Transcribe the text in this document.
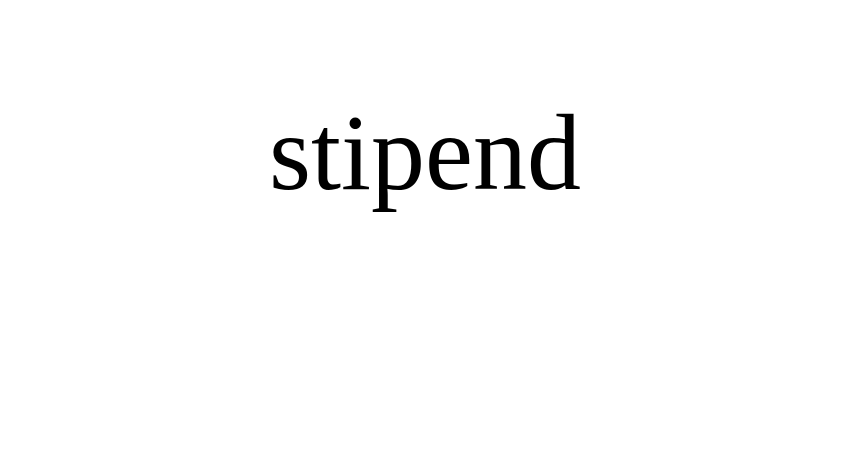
stipend
